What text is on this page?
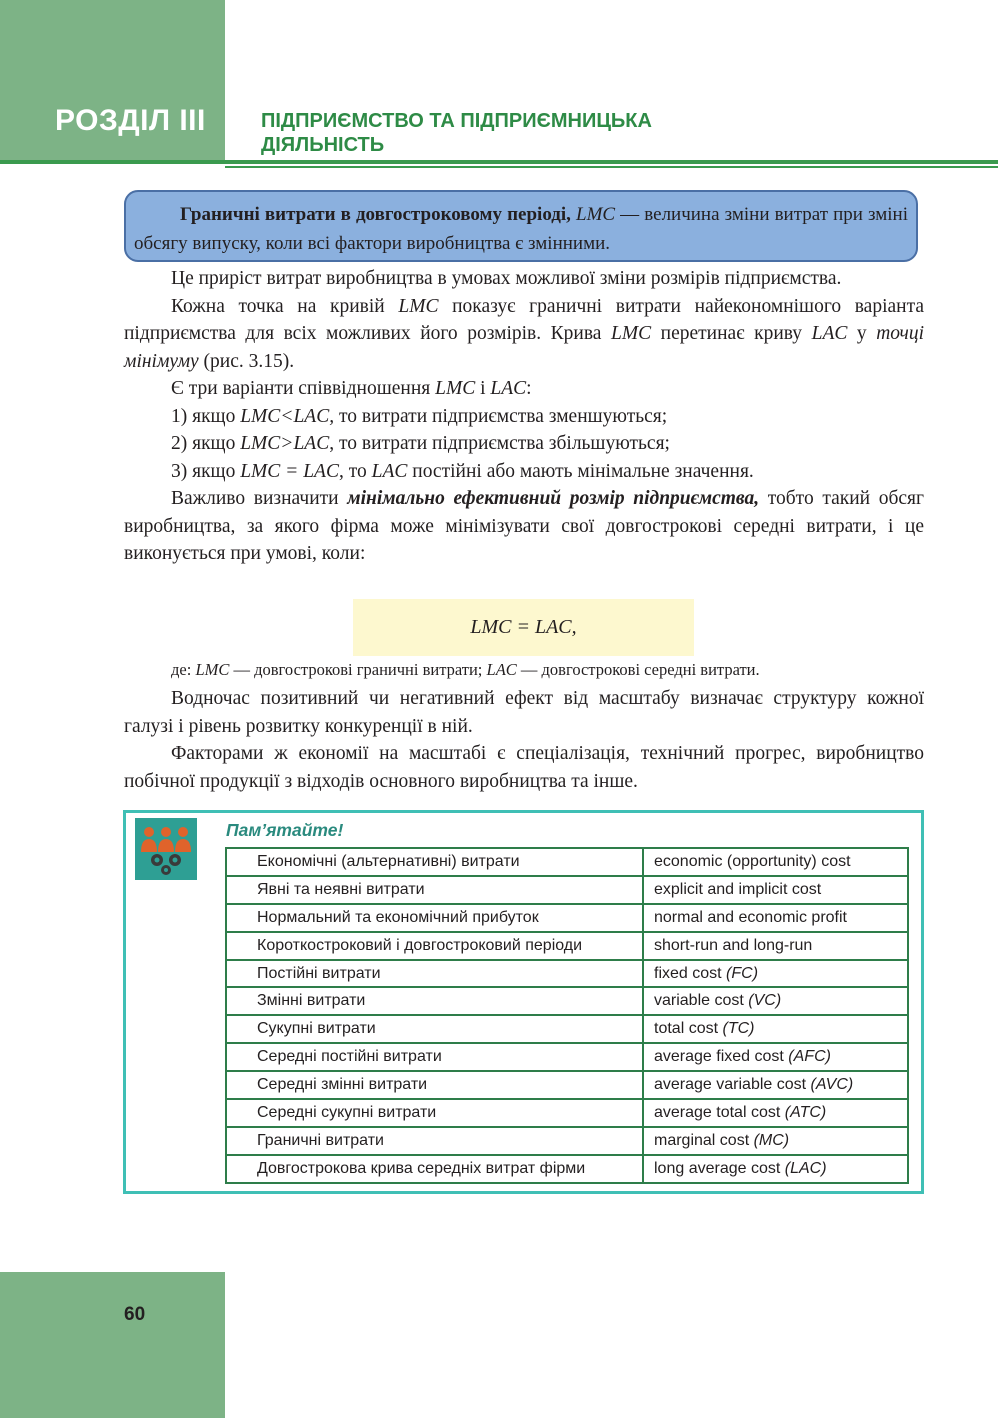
РОЗДІЛ III	ПІДПРИЄМСТВО ТА ПІДПРИЄМНИЦЬКА
ДІЯЛЬНІСТЬ
Граничні витрати в довгостроковому періоді, LMC — величина зміни витрат при зміні обсягу випуску, коли всі фактори виробництва є змінними.

Це приріст витрат виробництва в умовах можливої зміни розмірів підприємства.

Кожна точка на кривій LMC показує граничні витрати найекономнішого варіанта підприємства для всіх можливих його розмірів. Крива LMC перетинає криву LAC у точці мінімуму (рис. 3.15).

Є три варіанти співвідношення LMC і LAC:

1) якщо LMC<LAC, то витрати підприємства зменшуються;

2) якщо LMC>LAC, то витрати підприємства збільшуються;

3) якщо LMC = LAC, то LAC постійні або мають мінімальне значення.

Важливо визначити мінімально ефективний розмір підприємства, тобто такий обсяг виробництва, за якого фірма може мінімізувати свої довгострокові середні витрати, і це виконується при умові, коли:

LMC = LAC,
де: LMC — довгострокові граничні витрати; LAC — довгострокові середні витрати.

Водночас позитивний чи негативний ефект від масштабу визначає структуру кожної галузі і рівень розвитку конкуренції в ній.

Факторами ж економії на масштабі є спеціалізація, технічний прогрес, виробництво побічної продукції з відходів основного виробництва та інше.

Пам’ятайте!
Економічні (альтернативні) витрати	economic (opportunity) cost
Явні та неявні витрати	explicit and implicit cost
Нормальний та економічний прибуток	normal and economic profit
Короткостроковий і довгостроковий періоди	short-run and long-run
Постійні витрати	fixed cost (FC)
Змінні витрати	variable cost (VC)
Сукупні витрати	total cost (TC)
Середні постійні витрати	average fixed cost (AFC)
Середні змінні витрати	average variable cost (AVC)
Середні сукупні витрати	average total cost (ATC)
Граничні витрати	marginal cost (MC)
Довгострокова крива середніх витрат фірми	long average cost (LAC)
60
